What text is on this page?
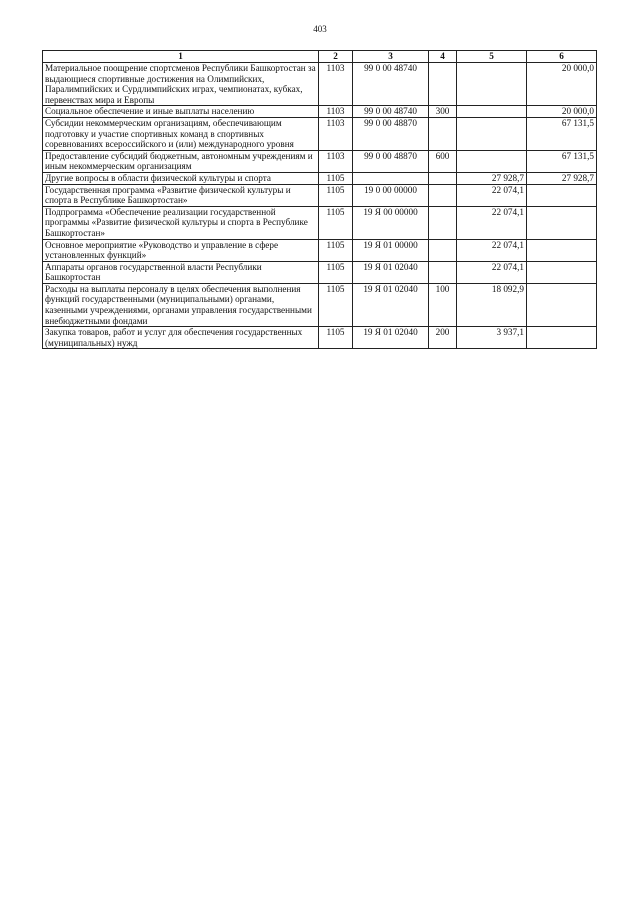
403
1	2	3	4	5	6
Материальное поощрение спортсменов Республики Башкортостан за выдающиеся спортивные достижения на Олимпийских, Паралимпийских и Сурдлимпийских играх, чемпионатах, кубках, первенствах мира и Европы	1103	99 0 00 48740			20 000,0
Социальное обеспечение и иные выплаты населению	1103	99 0 00 48740	300		20 000,0
Субсидии некоммерческим организациям, обеспечивающим подготовку и участие спортивных команд в спортивных соревнованиях всероссийского и (или) международного уровня	1103	99 0 00 48870			67 131,5
Предоставление субсидий бюджетным, автономным учреждениям и иным некоммерческим организациям	1103	99 0 00 48870	600		67 131,5
Другие вопросы в области физической культуры и спорта	1105			27 928,7	27 928,7
Государственная программа «Развитие физической культуры и спорта в Республике Башкортостан»	1105	19 0 00 00000		22 074,1	
Подпрограмма «Обеспечение реализации государственной программы «Развитие физической культуры и спорта в Республике Башкортостан»	1105	19 Я 00 00000		22 074,1	
Основное мероприятие «Руководство и управление в сфере установленных функций»	1105	19 Я 01 00000		22 074,1	
Аппараты органов государственной власти Республики Башкортостан	1105	19 Я 01 02040		22 074,1	
Расходы на выплаты персоналу в целях обеспечения выполнения функций государственными (муниципальными) органами, казенными учреждениями, органами управления государственными внебюджетными фондами	1105	19 Я 01 02040	100	18 092,9	
Закупка товаров, работ и услуг для обеспечения государственных (муниципальных) нужд	1105	19 Я 01 02040	200	3 937,1	
